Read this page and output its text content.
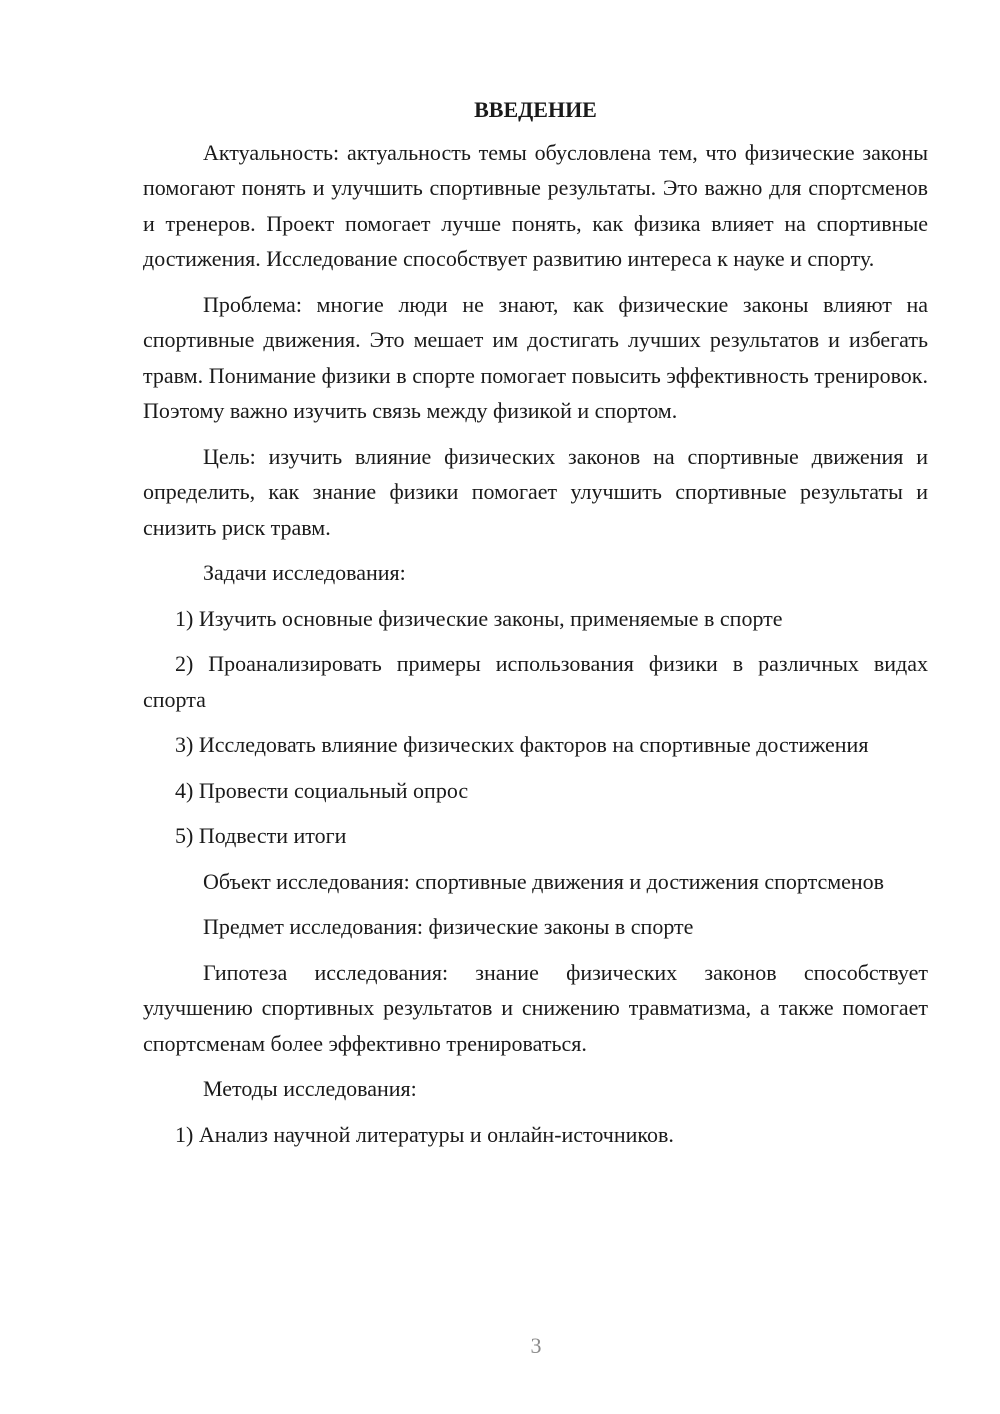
ВВЕДЕНИЕ

Актуальность: актуальность темы обусловлена тем, что физические законы помогают понять и улучшить спортивные результаты. Это важно для спортсменов и тренеров. Проект помогает лучше понять, как физика влияет на спортивные достижения. Исследование способствует развитию интереса к науке и спорту.

Проблема: многие люди не знают, как физические законы влияют на спортивные движения. Это мешает им достигать лучших результатов и избегать травм. Понимание физики в спорте помогает повысить эффективность тренировок. Поэтому важно изучить связь между физикой и спортом.

Цель: изучить влияние физических законов на спортивные движения и определить, как знание физики помогает улучшить спортивные результаты и снизить риск травм.

Задачи исследования:

1) Изучить основные физические законы, применяемые в спорте

2) Проанализировать примеры использования физики в различных видах спорта

3) Исследовать влияние физических факторов на спортивные достижения

4) Провести социальный опрос

5) Подвести итоги

Объект исследования: спортивные движения и достижения спортсменов

Предмет исследования: физические законы в спорте

Гипотеза исследования: знание физических законов способствует улучшению спортивных результатов и снижению травматизма, а также помогает спортсменам более эффективно тренироваться.

Методы исследования:

1) Анализ научной литературы и онлайн-источников.

3
